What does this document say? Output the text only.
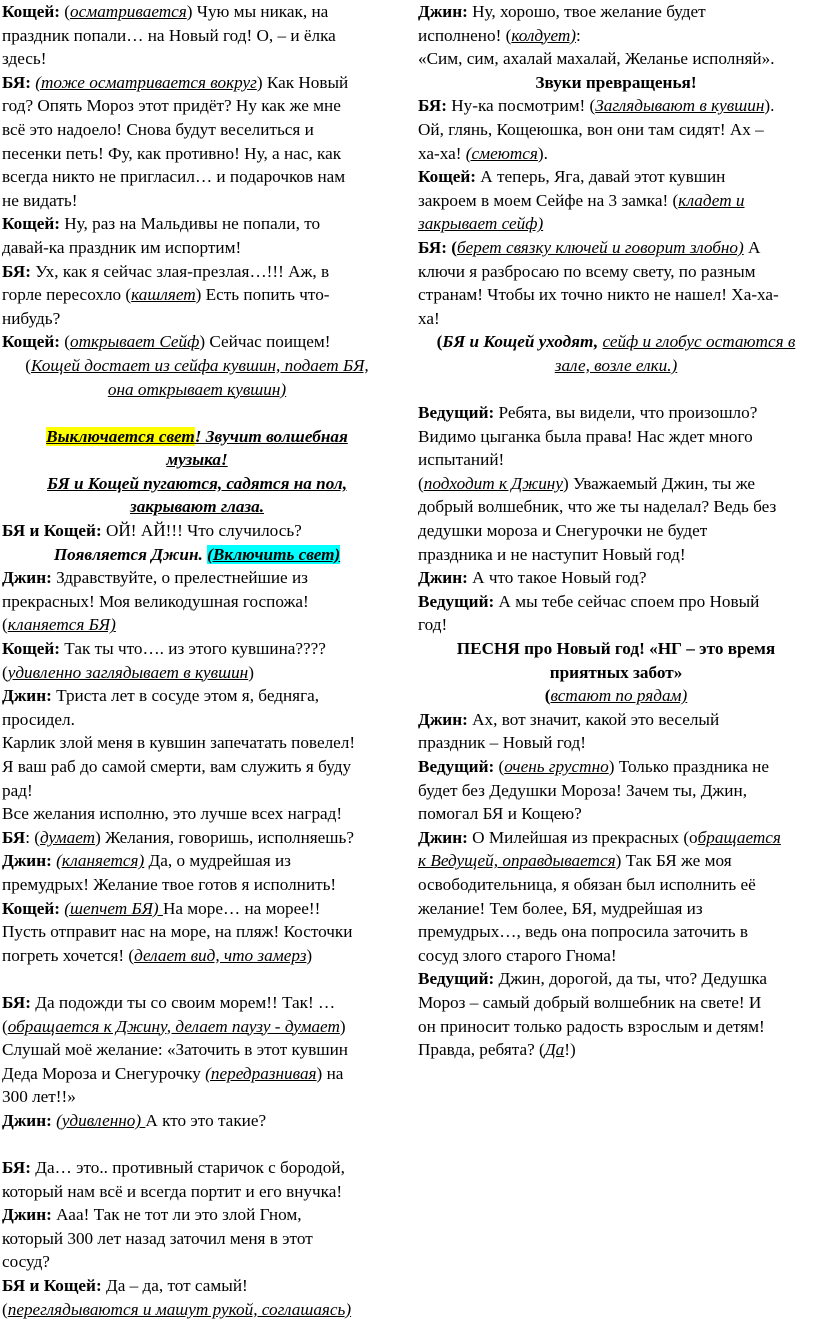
Кощей: (осматривается) Чую мы никак, на
праздник попали… на Новый год! О, – и ёлка
здесь!
БЯ: (тоже осматривается вокруг) Как Новый
год? Опять Мороз этот придёт? Ну как же мне
всё это надоело! Снова будут веселиться и
песенки петь! Фу, как противно! Ну, а нас, как
всегда никто не пригласил… и подарочков нам
не видать!
Кощей: Ну, раз на Мальдивы не попали, то
давай-ка праздник им испортим!
БЯ: Ух, как я сейчас злая-презлая…!!! Аж, в
горле пересохло (кашляет) Есть попить что-
нибудь?
Кощей: (открывает Сейф) Сейчас поищем!
(Кощей достает из сейфа кувшин, подает БЯ,
она открывает кувшин)
Выключается свет! Звучит волшебная
музыка!
БЯ и Кощей пугаются, садятся на пол,
закрывают глаза.
БЯ и Кощей: ОЙ! АЙ!!! Что случилось?
Появляется Джин. (Включить свет)
Джин: Здравствуйте, о прелестнейшие из
прекрасных! Моя великодушная госпожа!
(кланяется БЯ)
Кощей: Так ты что…. из этого кувшина????
(удивленно заглядывает в кувшин)
Джин: Триста лет в сосуде этом я, бедняга,
просидел.
Карлик злой меня в кувшин запечатать повелел!
Я ваш раб до самой смерти, вам служить я буду
рад!
Все желания исполню, это лучше всех наград!
БЯ: (думает) Желания, говоришь, исполняешь?
Джин: (кланяется) Да, о мудрейшая из
премудрых! Желание твое готов я исполнить!
Кощей: (шепчет БЯ) На море… на морее!!
Пусть отправит нас на море, на пляж! Косточки
погреть хочется! (делает вид, что замерз)
БЯ: Да подожди ты со своим морем!! Так! …
(обращается к Джину, делает паузу - думает)
Слушай моё желание: «Заточить в этот кувшин
Деда Мороза и Снегурочку (передразнивая) на
300 лет!!»
Джин: (удивленно) А кто это такие?
БЯ: Да… это.. противный старичок с бородой,
который нам всё и всегда портит и его внучка!
Джин: Ааа! Так не тот ли это злой Гном,
который 300 лет назад заточил меня в этот
сосуд?
БЯ и Кощей: Да – да, тот самый!
(переглядываются и машут рукой, соглашаясь)
Джин: Ну, хорошо, твое желание будет
исполнено! (колдует):
«Сим, сим, ахалай махалай, Желанье исполняй».
Звуки превращенья!
БЯ: Ну-ка посмотрим! (Заглядывают в кувшин).
Ой, глянь, Кощеюшка, вон они там сидят! Ах –
ха-ха! (смеются).
Кощей: А теперь, Яга, давай этот кувшин
закроем в моем Сейфе на 3 замка! (кладет и
закрывает сейф)
БЯ: (берет связку ключей и говорит злобно) А
ключи я разбросаю по всему свету, по разным
странам! Чтобы их точно никто не нашел! Ха-ха-
ха!
(БЯ и Кощей уходят, сейф и глобус остаются в
зале, возле елки.)
Ведущий: Ребята, вы видели, что произошло?
Видимо цыганка была права! Нас ждет много
испытаний!
(подходит к Джину) Уважаемый Джин, ты же
добрый волшебник, что же ты наделал? Ведь без
дедушки мороза и Снегурочки не будет
праздника и не наступит Новый год!
Джин: А что такое Новый год?
Ведущий: А мы тебе сейчас споем про Новый
год!
ПЕСНЯ про Новый год! «НГ – это время
приятных забот»
(встают по рядам)
Джин: Ах, вот значит, какой это веселый
праздник – Новый год!
Ведущий: (очень грустно) Только праздника не
будет без Дедушки Мороза! Зачем ты, Джин,
помогал БЯ и Кощею?
Джин: О Милейшая из прекрасных (обращается
к Ведущей, оправдывается) Так БЯ же моя
освободительница, я обязан был исполнить её
желание! Тем более, БЯ, мудрейшая из
премудрых…, ведь она попросила заточить в
сосуд злого старого Гнома!
Ведущий: Джин, дорогой, да ты, что? Дедушка
Мороз – самый добрый волшебник на свете! И
он приносит только радость взрослым и детям!
Правда, ребята? (Да!)
